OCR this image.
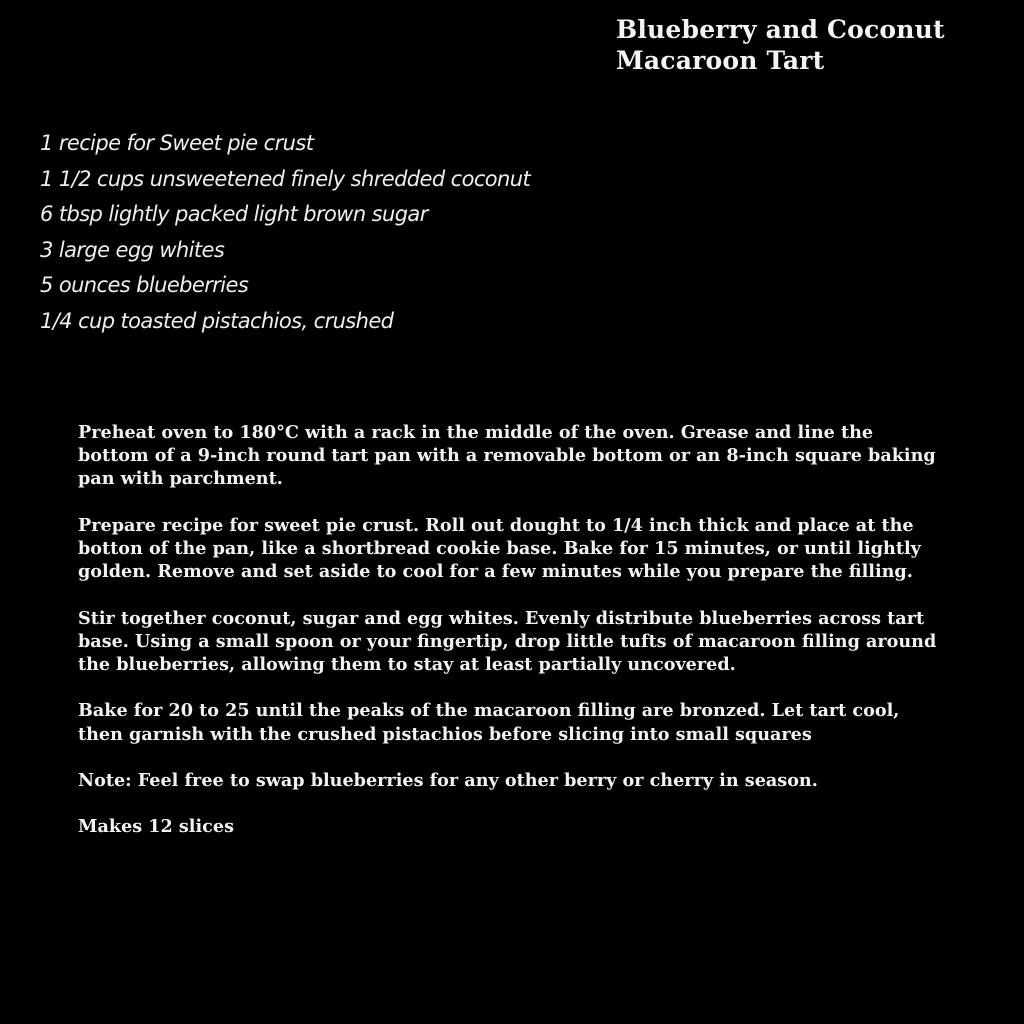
Blueberry and Coconut
Macaroon Tart
1 recipe for Sweet pie crust
1 1/2 cups unsweetened finely shredded coconut
6 tbsp lightly packed light brown sugar
3 large egg whites
5 ounces blueberries
1/4 cup toasted pistachios, crushed

Preheat oven to 180°C with a rack in the middle of the oven. Grease and line the bottom of a 9-inch round tart pan with a removable bottom or an 8-inch square baking pan with parchment.

Prepare recipe for sweet pie crust. Roll out dought to 1/4 inch thick and place at the botton of the pan, like a shortbread cookie base. Bake for 15 minutes, or until lightly golden. Remove and set aside to cool for a few minutes while you prepare the filling.

Stir together coconut, sugar and egg whites. Evenly distribute blueberries across tart base. Using a small spoon or your fingertip, drop little tufts of macaroon filling around the blueberries, allowing them to stay at least partially uncovered.

Bake for 20 to 25 until the peaks of the macaroon filling are bronzed. Let tart cool, then garnish with the crushed pistachios before slicing into small squares

Note: Feel free to swap blueberries for any other berry or cherry in season.

Makes 12 slices
